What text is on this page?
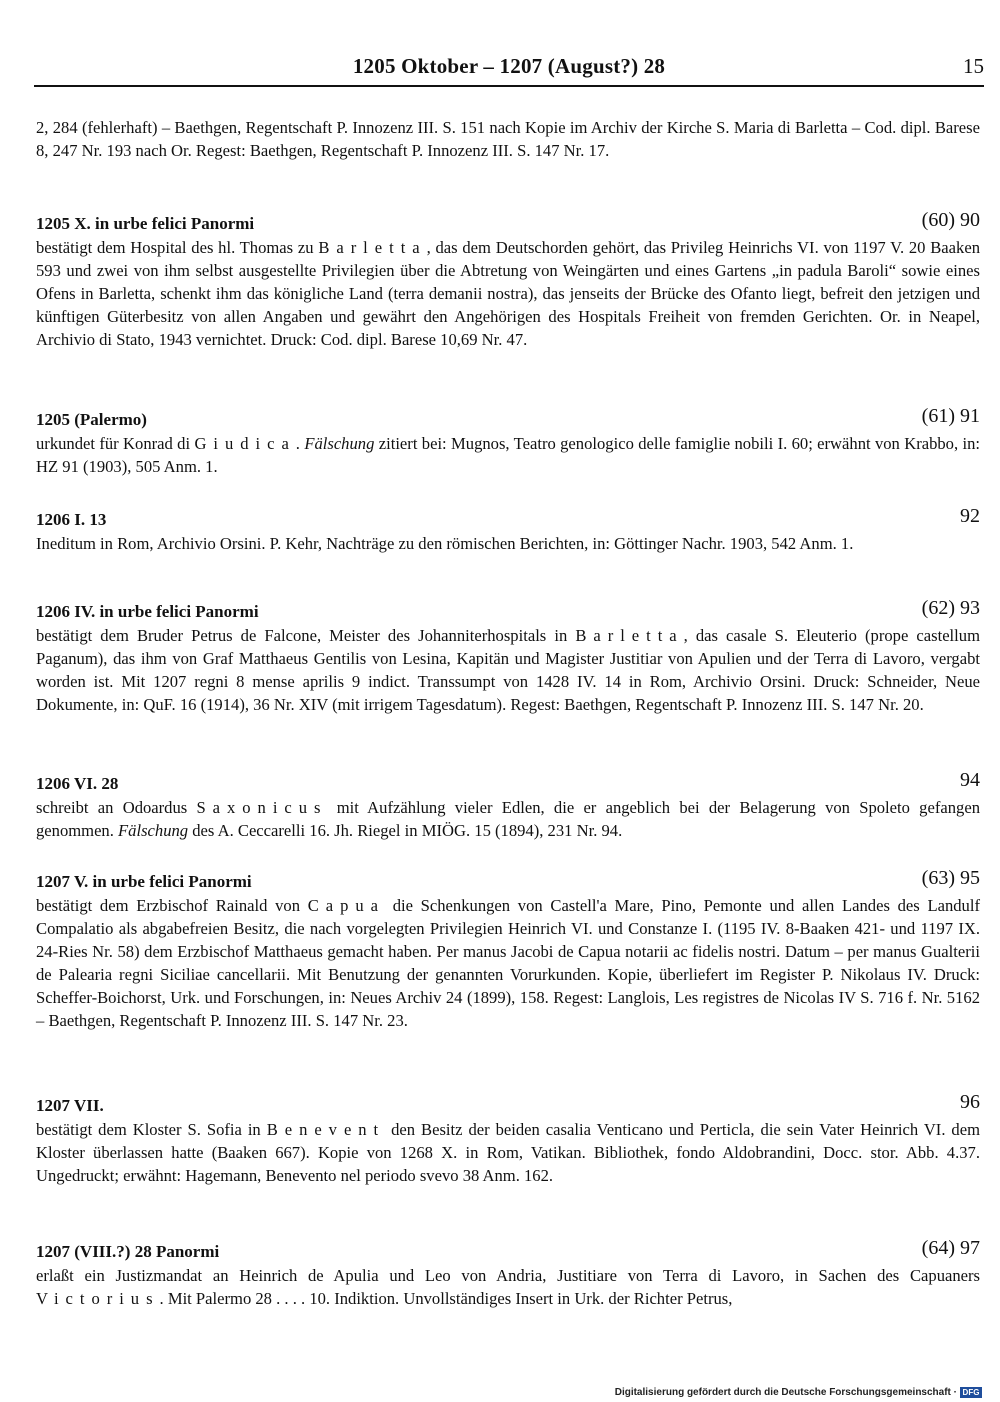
1205 Oktober – 1207 (August?) 28	15
2, 284 (fehlerhaft) – Baethgen, Regentschaft P. Innozenz III. S. 151 nach Kopie im Archiv der Kirche S. Maria di Barletta – Cod. dipl. Barese 8, 247 Nr. 193 nach Or. Regest: Baethgen, Regentschaft P. Innozenz III. S. 147 Nr. 17.
1205 X. in urbe felici Panormi	(60) 90
bestätigt dem Hospital des hl. Thomas zu Barletta, das dem Deutschorden gehört, das Privileg Heinrichs VI. von 1197 V. 20 Baaken 593 und zwei von ihm selbst ausgestellte Privilegien über die Abtretung von Weingärten und eines Gartens „in padula Baroli“ sowie eines Ofens in Barletta, schenkt ihm das königliche Land (terra demanii nostra), das jenseits der Brücke des Ofanto liegt, befreit den jetzigen und künftigen Güterbesitz von allen Angaben und gewährt den Angehörigen des Hospitals Freiheit von fremden Gerichten. Or. in Neapel, Archivio di Stato, 1943 vernichtet. Druck: Cod. dipl. Barese 10,69 Nr. 47.
1205 (Palermo)	(61) 91
urkundet für Konrad di Giudica. Fälschung zitiert bei: Mugnos, Teatro genologico delle famiglie nobili I. 60; erwähnt von Krabbo, in: HZ 91 (1903), 505 Anm. 1.
1206 I. 13	92
Ineditum in Rom, Archivio Orsini. P. Kehr, Nachträge zu den römischen Berichten, in: Göttinger Nachr. 1903, 542 Anm. 1.
1206 IV. in urbe felici Panormi	(62) 93
bestätigt dem Bruder Petrus de Falcone, Meister des Johanniterhospitals in Barletta, das casale S. Eleuterio (prope castellum Paganum), das ihm von Graf Matthaeus Gentilis von Lesina, Kapitän und Magister Justitiar von Apulien und der Terra di Lavoro, vergabt worden ist. Mit 1207 regni 8 mense aprilis 9 indict. Transsumpt von 1428 IV. 14 in Rom, Archivio Orsini. Druck: Schneider, Neue Dokumente, in: QuF. 16 (1914), 36 Nr. XIV (mit irrigem Tagesdatum). Regest: Baethgen, Regentschaft P. Innozenz III. S. 147 Nr. 20.
1206 VI. 28	94
schreibt an Odoardus Saxonicus mit Aufzählung vieler Edlen, die er angeblich bei der Belagerung von Spoleto gefangen genommen. Fälschung des A. Ceccarelli 16. Jh. Riegel in MIÖG. 15 (1894), 231 Nr. 94.
1207 V. in urbe felici Panormi	(63) 95
bestätigt dem Erzbischof Rainald von Capua die Schenkungen von Castell'a Mare, Pino, Pemonte und allen Landes des Landulf Compalatio als abgabefreien Besitz, die nach vorgelegten Privilegien Heinrich VI. und Constanze I. (1195 IV. 8-Baaken 421- und 1197 IX. 24-Ries Nr. 58) dem Erzbischof Matthaeus gemacht haben. Per manus Jacobi de Capua notarii ac fidelis nostri. Datum – per manus Gualterii de Palearia regni Siciliae cancellarii. Mit Benutzung der genannten Vorurkunden. Kopie, überliefert im Register P. Nikolaus IV. Druck: Scheffer-Boichorst, Urk. und Forschungen, in: Neues Archiv 24 (1899), 158. Regest: Langlois, Les registres de Nicolas IV S. 716 f. Nr. 5162 – Baethgen, Regentschaft P. Innozenz III. S. 147 Nr. 23.
1207 VII.	96
bestätigt dem Kloster S. Sofia in Benevent den Besitz der beiden casalia Venticano und Perticla, die sein Vater Heinrich VI. dem Kloster überlassen hatte (Baaken 667). Kopie von 1268 X. in Rom, Vatikan. Bibliothek, fondo Aldobrandini, Docc. stor. Abb. 4.37. Ungedruckt; erwähnt: Hagemann, Benevento nel periodo svevo 38 Anm. 162.
1207 (VIII.?) 28 Panormi	(64) 97
erlaßt ein Justizmandat an Heinrich de Apulia und Leo von Andria, Justitiare von Terra di Lavoro, in Sachen des Capuaners Victorius. Mit Palermo 28 . . . . 10. Indiktion. Unvollständiges Insert in Urk. der Richter Petrus,
Digitalisierung gefördert durch die Deutsche Forschungsgemeinschaft · DFG
